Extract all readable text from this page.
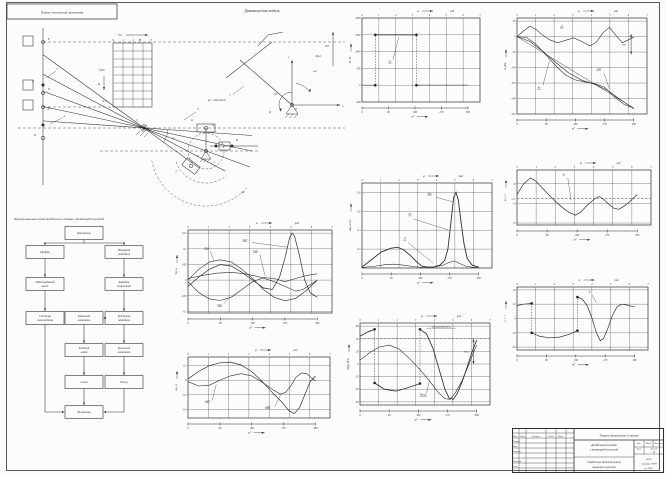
Планы положений механизма
Е'
5
А
Е
Е''
4
D
С
3
А'
А
В
О
1
2
ψ
φ2
Fн
0	1	2	Н	3
0.05
0.1
R
Динамическая модель
х
у
О
Д
1	φ1
ω1
Jпр1
Рд
μl = 400 мм/м
0	1	2	3	4	5	6	7
2000
1500
1000
500
0
-500
φ	рад
0	90	180	270	360
φ°
Fс, Н	Fс
0	1	2	3	4	5	6	7
50
0
-50
-100
-150
-200
-250
φ	рад
0	90	180	270	360
φ°
А, Дж
ΔТ
Ас
-Ад
ΔТ1
0	1	2	3	4	5	6	7
0.8
0.6
0.4
0.2
φ	рад
0	90	180	270	360
φ°
Jпр, кг·м²
Jпр
ΣJ
J5
0	1	2	3	4	5	6	7
15
14
13
φ	рад
0	90	180	270	360
φ°
ω, с⁻¹ ωср
ω
0	1	2	3	4	5	6	7
0.15
0.1
0.05
0
-0.05
-0.1
φ	рад
0	90	180	270	360
φ°
Vq, м
Vq1
Vq3
Vq5
Vq2
0	1	2	3	4	5	6	7
0.2
0
-0.2
-0.4
φ	рад
0	90	180	270	360
φ°
аq, м
аq5
аqВ
0	1	2	3	4	5	6	7
60
40
20
0
-20
-40
-60
φ	рад
0	90	180	270	360
φ°
Мпр, Н·м
Мдпр(φ)(Мдпр(φ*))
Мспр
Мдср
0	1	2	3	4	5	6	7
20
10
0
-10
-20
φ	рад
0	90	180	270	360
φ°
ε, с⁻²
ε
Функциональная схема долбёжного станка с качающейся кулисой
Двигатель
Муфта
Шестерённый
насос
Система
охлаждения
Ременная
передача
Коробка
скоростей
Зубчатая
передача
Храповой
механизм
Кулисный
механизм
Ходовой
винт
Резец
Стол
Заготовка
Теория механизмов и машин
Долбёжный станок
с качающейся кулисой
Определение закона движения
машинного агрегата
Изм.	Лист	№ докум.	Подп.	Дата
Разраб.
Пров.
Т.контр.
Н.контр.
Утв.
Лит.	Масса	Масштаб
Лист	Листов
11
ВлГУ
кафедра ТММ
гр. ТМ-1
